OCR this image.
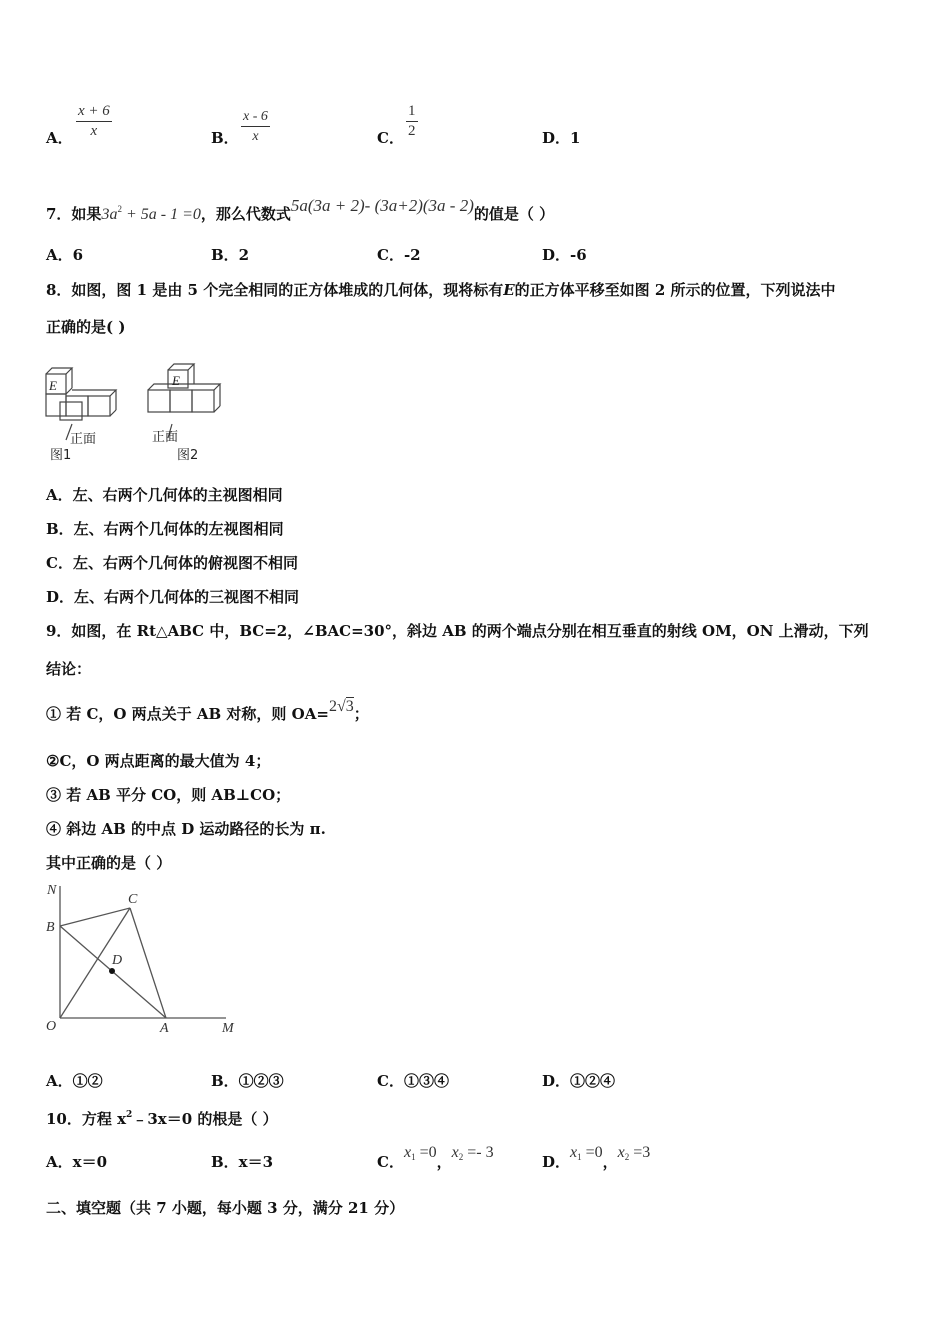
A． $\frac{x + 6}{x}$	B． $\frac{x - 6}{x}$	C． $\frac{1}{2}$	D．1
7．如果$3a^2 + 5a - 1 =0$，那么代数式5a(3a + 2)- (3a+2)(3a - 2)的值是（ ）
A．6	B．2	C．-2	D．-6
8．如图，图 1 是由 5 个完全相同的正方体堆成的几何体，现将标有E的正方体平移至如图 2 所示的位置，下列说法中
正确的是( )
E	E
正面	正面
图1	图2
A．左、右两个几何体的主视图相同
B．左、右两个几何体的左视图相同
C．左、右两个几何体的俯视图不相同
D．左、右两个几何体的三视图不相同
9．如图，在 Rt△ABC 中，BC=2，∠BAC=30°，斜边 AB 的两个端点分别在相互垂直的射线 OM，ON 上滑动，下列
结论：
① 若 C，O 两点关于 AB 对称，则 OA=2√3；
②C，O 两点距离的最大值为 4；
③ 若 AB 平分 CO，则 AB⊥CO；
④ 斜边 AB 的中点 D 运动路径的长为 π.
其中正确的是（ ）
N
B
C
D
O	A	M
A．①②	B．①②③	C．①③④	D．①②④
10．方程 $x^2﹣3x=0$ 的根是（ ）
A．x＝0	B．x＝3	C．$x_1 =0$，$x_2 =- 3$
D．$x_1 =0$，$x_2 =3$
二、填空题（共 7 小题，每小题 3 分，满分 21 分）
